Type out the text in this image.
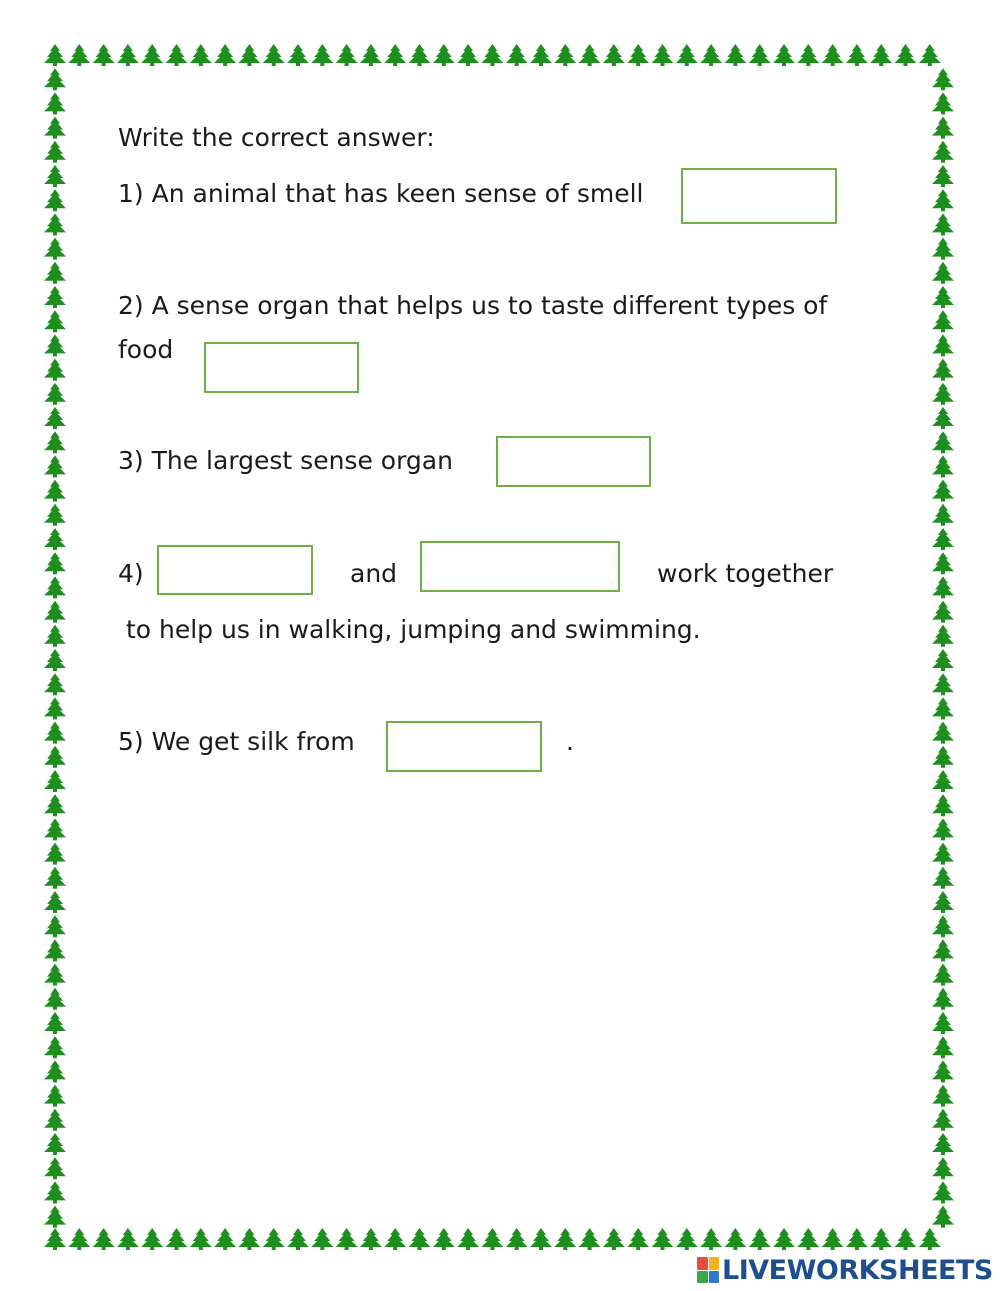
Write the correct answer:
1) An animal that has keen sense of smell
2) A sense organ that helps us to taste different types of
food
3) The largest sense organ
4)	and	work together
to help us in walking, jumping and swimming.
5) We get silk from	.
LIVEWORKSHEETS
